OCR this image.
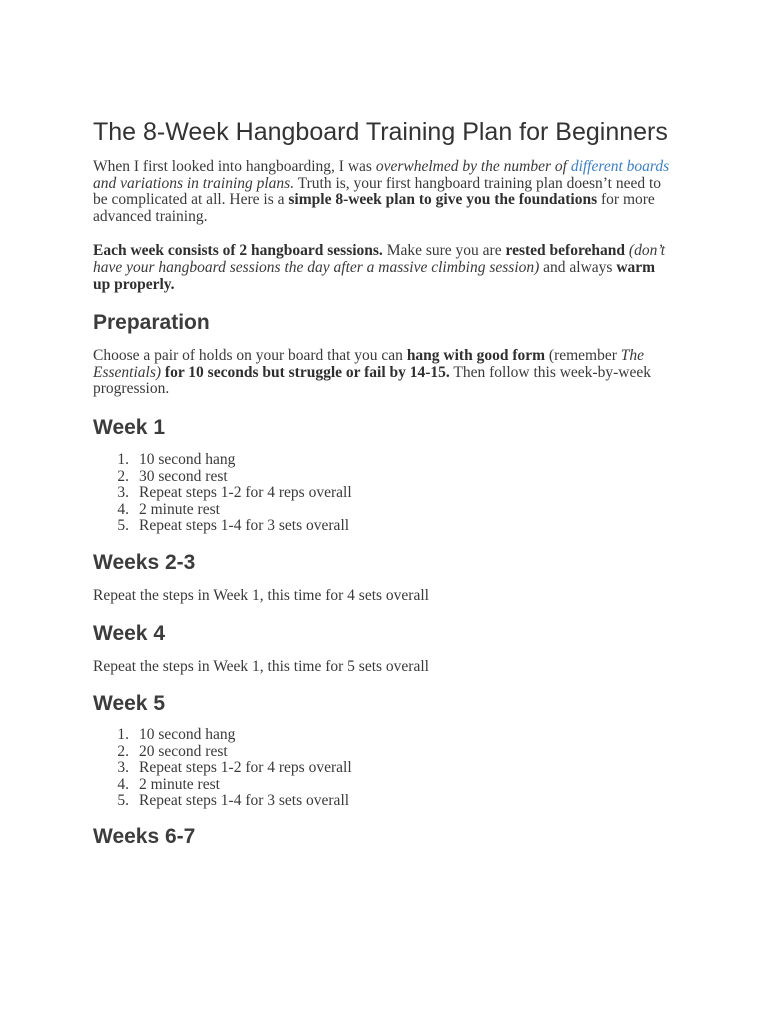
The 8-Week Hangboard Training Plan for Beginners

When I first looked into hangboarding, I was overwhelmed by the number of different boards and variations in training plans. Truth is, your first hangboard training plan doesn’t need to be complicated at all. Here is a simple 8-week plan to give you the foundations for more advanced training.

Each week consists of 2 hangboard sessions. Make sure you are rested beforehand (don’t have your hangboard sessions the day after a massive climbing session) and always warm up properly.

Preparation

Choose a pair of holds on your board that you can hang with good form (remember The Essentials) for 10 seconds but struggle or fail by 14-15. Then follow this week-by-week progression.

Week 1
1. 10 second hang
2. 30 second rest
3. Repeat steps 1-2 for 4 reps overall
4. 2 minute rest
5. Repeat steps 1-4 for 3 sets overall
Weeks 2-3

Repeat the steps in Week 1, this time for 4 sets overall

Week 4

Repeat the steps in Week 1, this time for 5 sets overall

Week 5
1. 10 second hang
2. 20 second rest
3. Repeat steps 1-2 for 4 reps overall
4. 2 minute rest
5. Repeat steps 1-4 for 3 sets overall
Weeks 6-7
